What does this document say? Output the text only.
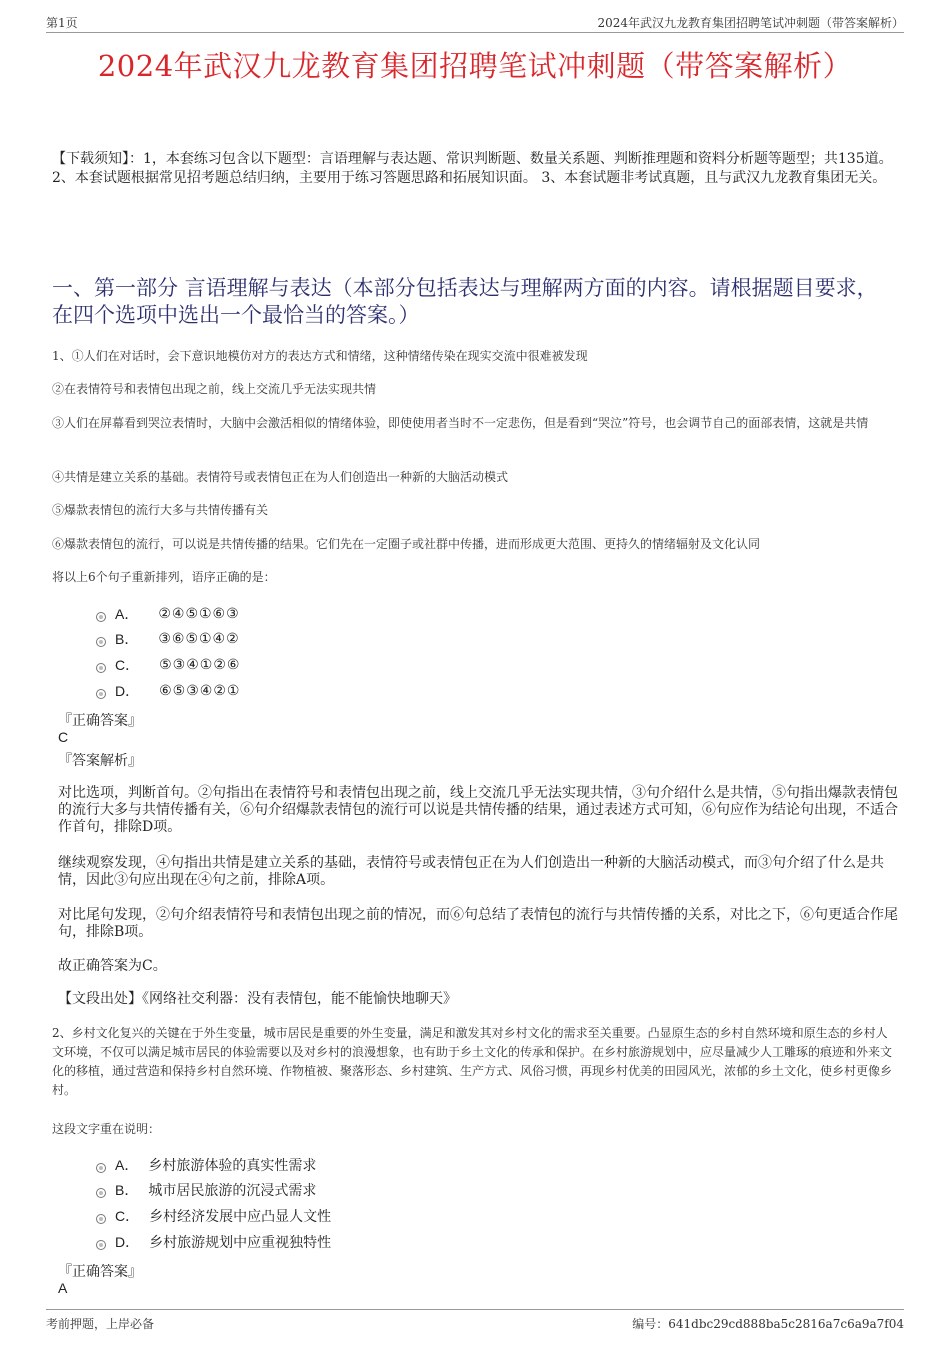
第1页	2024年武汉九龙教育集团招聘笔试冲刺题（带答案解析）
2024年武汉九龙教育集团招聘笔试冲刺题（带答案解析）
【下载须知】：1，本套练习包含以下题型：言语理解与表达题、常识判断题、数量关系题、判断推理题和资料分析题等题型；共135道。 2、本套试题根据常见招考题总结归纳，主要用于练习答题思路和拓展知识面。 3、本套试题非考试真题，且与武汉九龙教育集团无关。
一、第一部分 言语理解与表达（本部分包括表达与理解两方面的内容。请根据题目要求，在四个选项中选出一个最恰当的答案。）
1、①人们在对话时，会下意识地模仿对方的表达方式和情绪，这种情绪传染在现实交流中很难被发现
②在表情符号和表情包出现之前，线上交流几乎无法实现共情
③人们在屏幕看到哭泣表情时，大脑中会激活相似的情绪体验，即使使用者当时不一定悲伤，但是看到“哭泣”符号，也会调节自己的面部表情，这就是共情
④共情是建立关系的基础。表情符号或表情包正在为人们创造出一种新的大脑活动模式
⑤爆款表情包的流行大多与共情传播有关
⑥爆款表情包的流行，可以说是共情传播的结果。它们先在一定圈子或社群中传播，进而形成更大范围、更持久的情绪辐射及文化认同
将以上6个句子重新排列，语序正确的是：
A． ②④⑤①⑥③
B． ③⑥⑤①④②
C． ⑤③④①②⑥
D． ⑥⑤③④②①
『正确答案』
C
『答案解析』
对比选项，判断首句。②句指出在表情符号和表情包出现之前，线上交流几乎无法实现共情，③句介绍什么是共情，⑤句指出爆款表情包的流行大多与共情传播有关，⑥句介绍爆款表情包的流行可以说是共情传播的结果，通过表述方式可知，⑥句应作为结论句出现，不适合作首句，排除D项。
继续观察发现，④句指出共情是建立关系的基础，表情符号或表情包正在为人们创造出一种新的大脑活动模式，而③句介绍了什么是共情，因此③句应出现在④句之前，排除A项。
对比尾句发现，②句介绍表情符号和表情包出现之前的情况，而⑥句总结了表情包的流行与共情传播的关系，对比之下，⑥句更适合作尾句，排除B项。
故正确答案为C。
【文段出处】《网络社交利器：没有表情包，能不能愉快地聊天》
2、乡村文化复兴的关键在于外生变量，城市居民是重要的外生变量，满足和激发其对乡村文化的需求至关重要。凸显原生态的乡村自然环境和原生态的乡村人文环境，不仅可以满足城市居民的体验需要以及对乡村的浪漫想象，也有助于乡土文化的传承和保护。在乡村旅游规划中，应尽量减少人工雕琢的痕迹和外来文化的移植，通过营造和保持乡村自然环境、作物植被、聚落形态、乡村建筑、生产方式、风俗习惯，再现乡村优美的田园风光，浓郁的乡土文化，使乡村更像乡村。
这段文字重在说明：
A． 乡村旅游体验的真实性需求
B． 城市居民旅游的沉浸式需求
C． 乡村经济发展中应凸显人文性
D． 乡村旅游规划中应重视独特性
『正确答案』
A
考前押题，上岸必备	编号：641dbc29cd888ba5c2816a7c6a9a7f04
